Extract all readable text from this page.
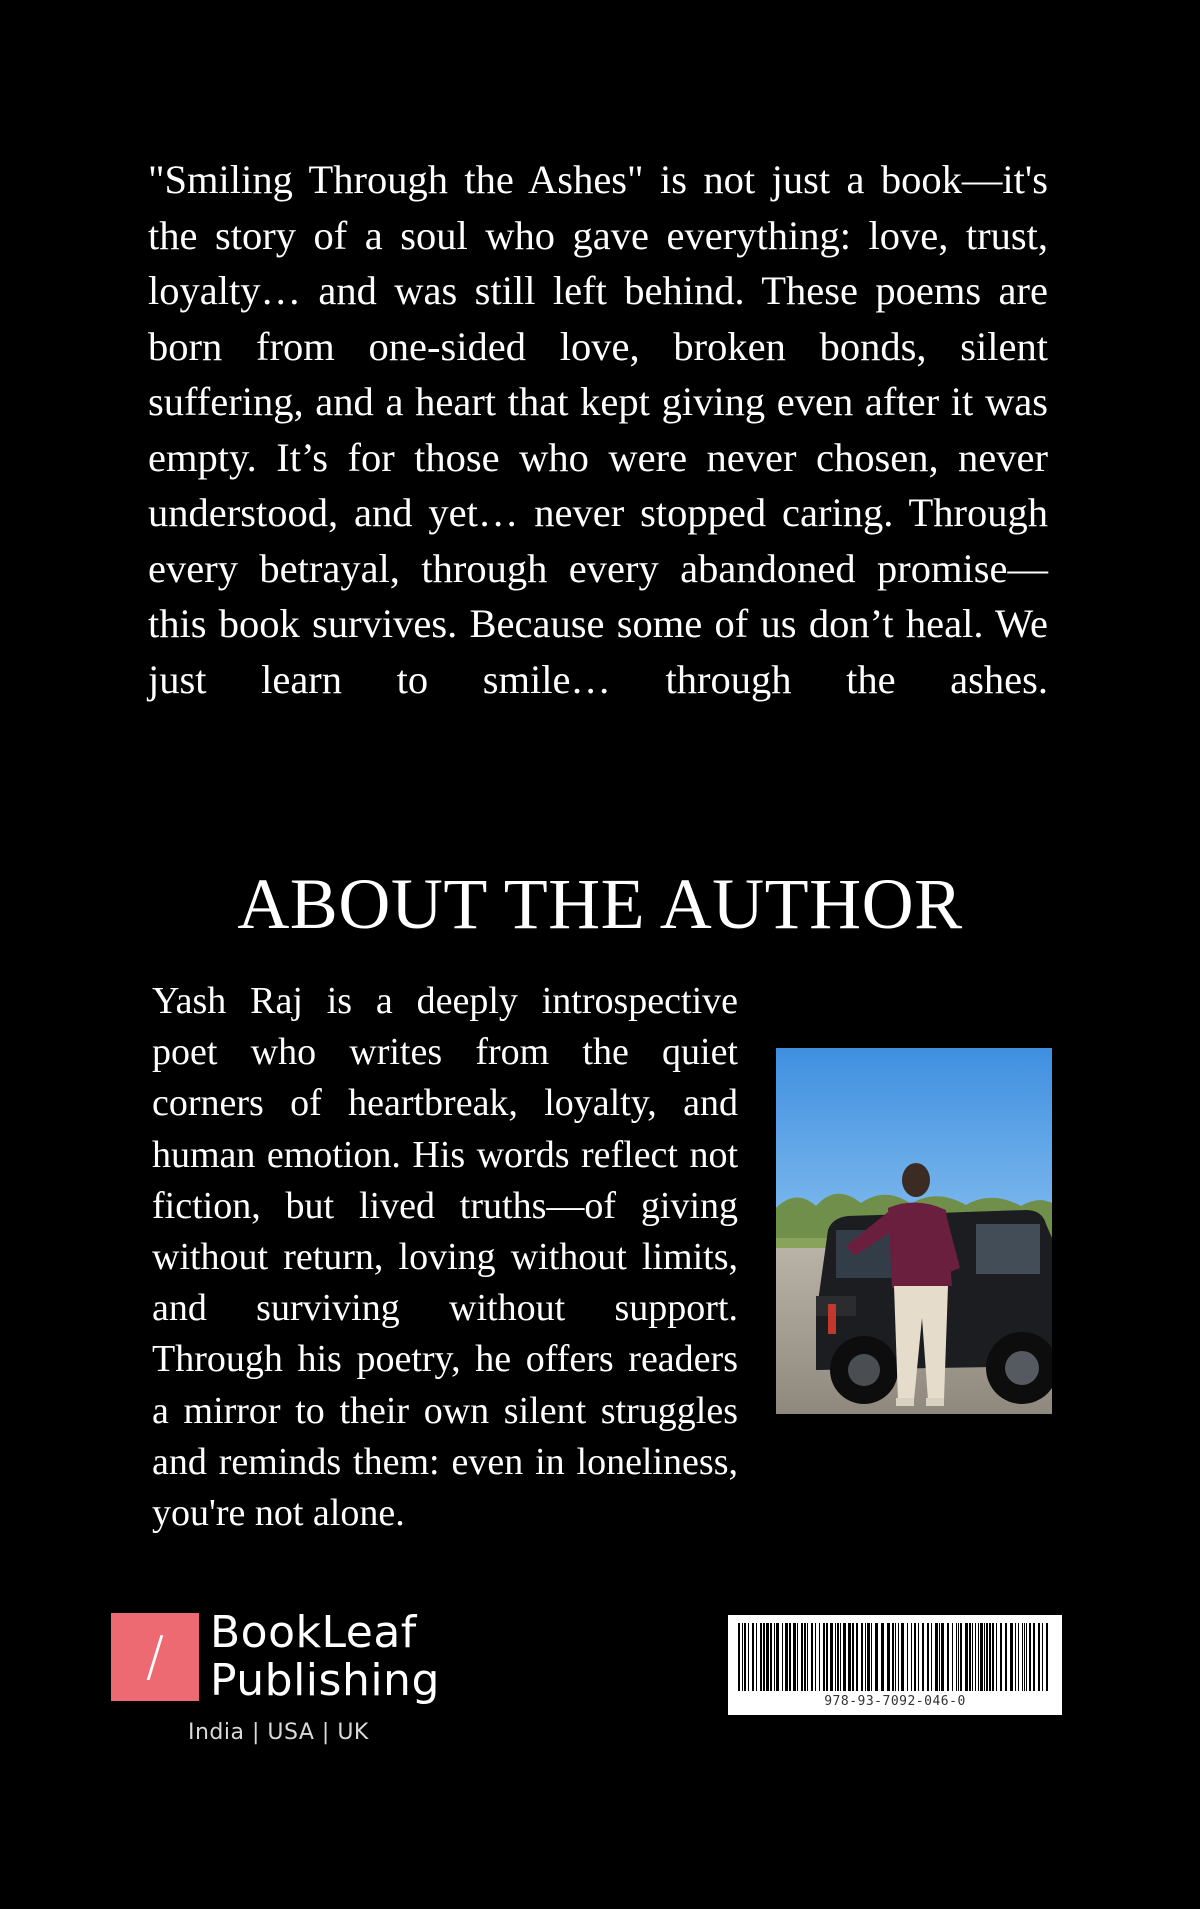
"Smiling Through the Ashes" is not just a book—it's the story of a soul who gave everything: love, trust, loyalty… and was still left behind. These poems are born from one-sided love, broken bonds, silent suffering, and a heart that kept giving even after it was empty. It’s for those who were never chosen, never understood, and yet… never stopped caring. Through every betrayal, through every abandoned promise—this book survives. Because some of us don’t heal. We just learn to smile… through the ashes.

ABOUT THE AUTHOR

Yash Raj is a deeply introspective poet who writes from the quiet corners of heartbreak, loyalty, and human emotion. His words reflect not fiction, but lived truths—of giving without return, loving without limits, and surviving without support. Through his poetry, he offers readers a mirror to their own silent struggles and reminds them: even in loneliness, you're not alone.

/	BookLeaf
Publishing
India | USA | UK
978-93-7092-046-0
